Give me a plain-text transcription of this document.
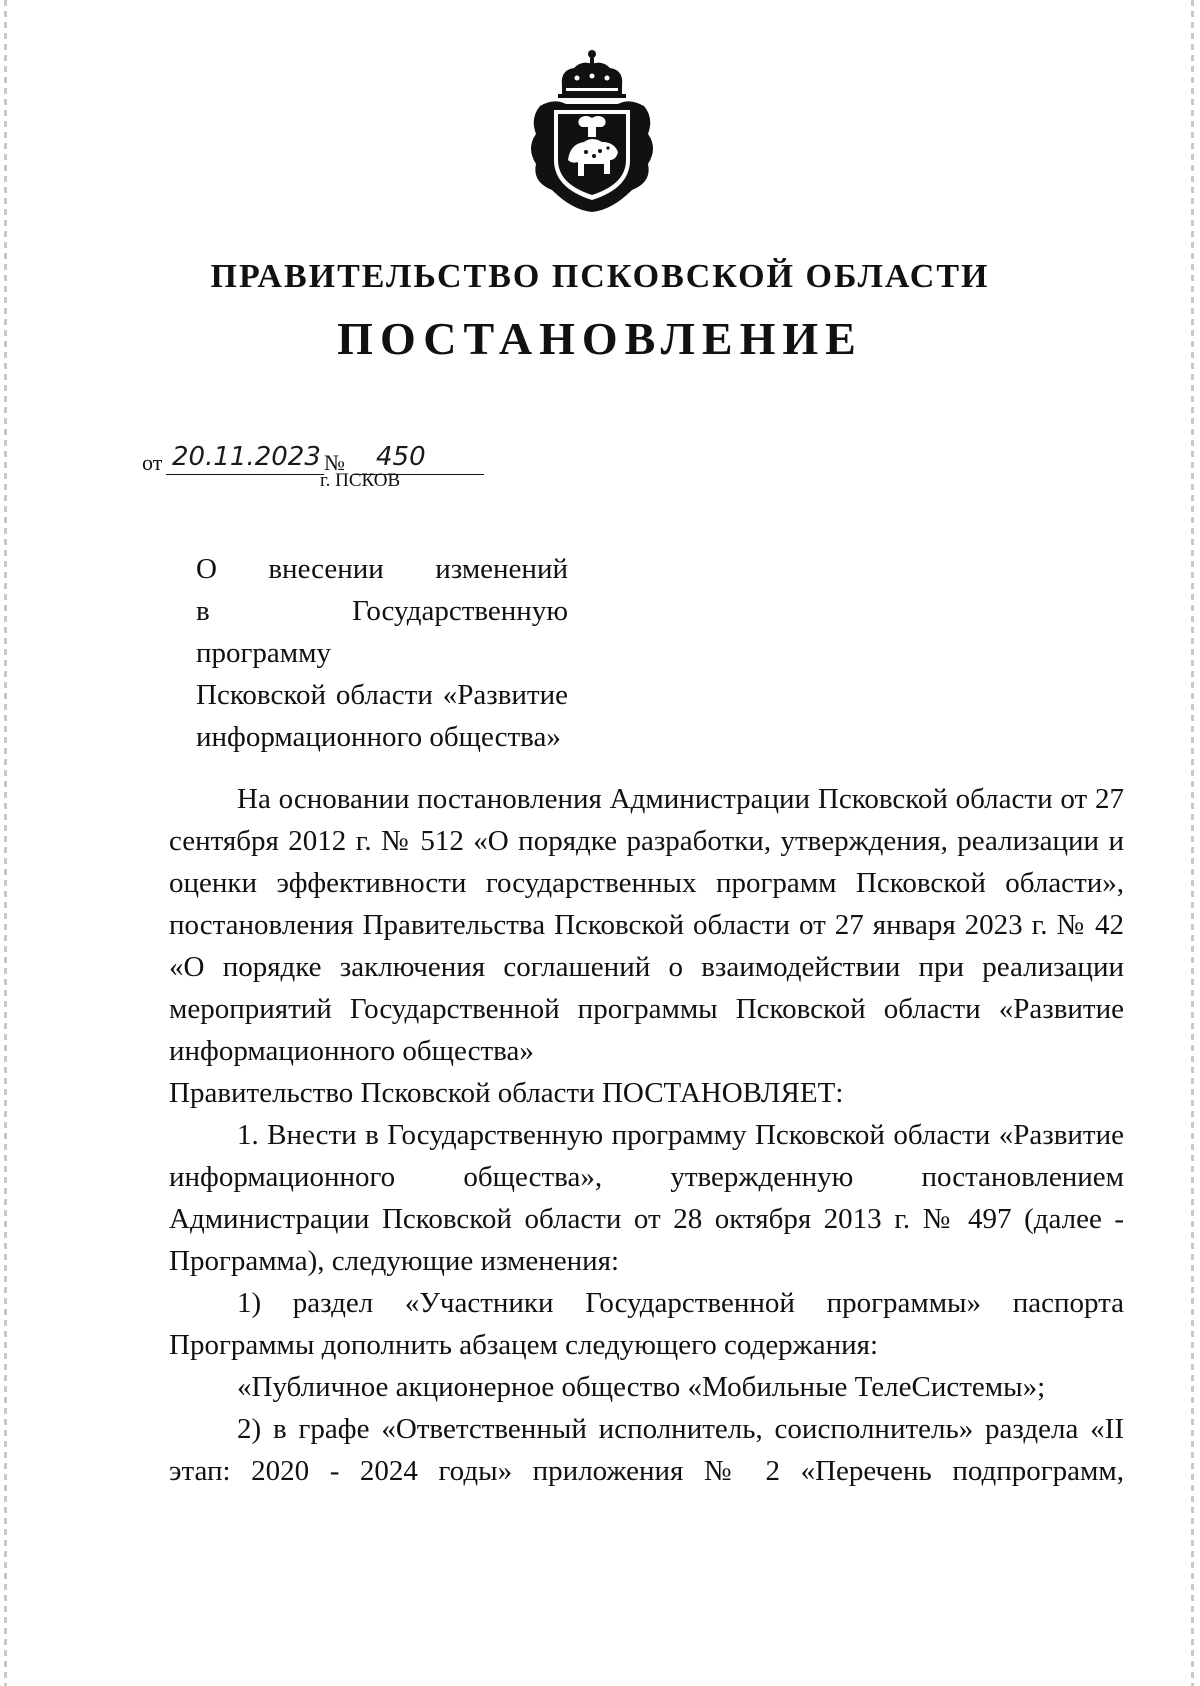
ПРАВИТЕЛЬСТВО ПСКОВСКОЙ ОБЛАСТИ
ПОСТАНОВЛЕНИЕ
от 20.11.2023 № 450
г. ПСКОВ
О внесении изменений
в Государственную программу
Псковской области «Развитие
информационного общества»

На основании постановления Администрации Псковской области от 27 сентября 2012 г. № 512 «О порядке разработки, утверждения, реализации и оценки эффективности государственных программ Псковской области», постановления Правительства Псковской области от 27 января 2023 г. № 42 «О порядке заключения соглашений о взаимодействии при реализации мероприятий Государственной программы Псковской области «Развитие информационного общества»

Правительство Псковской области ПОСТАНОВЛЯЕТ:

1. Внести в Государственную программу Псковской области «Развитие информационного общества», утвержденную постановлением Администрации Псковской области от 28 октября 2013 г. № 497 (далее - Программа), следующие изменения:

1) раздел «Участники Государственной программы» паспорта Программы дополнить абзацем следующего содержания:

«Публичное акционерное общество «Мобильные ТелеСистемы»;

2) в графе «Ответственный исполнитель, соисполнитель» раздела «II этап: 2020 - 2024 годы» приложения № 2 «Перечень подпрограмм,
